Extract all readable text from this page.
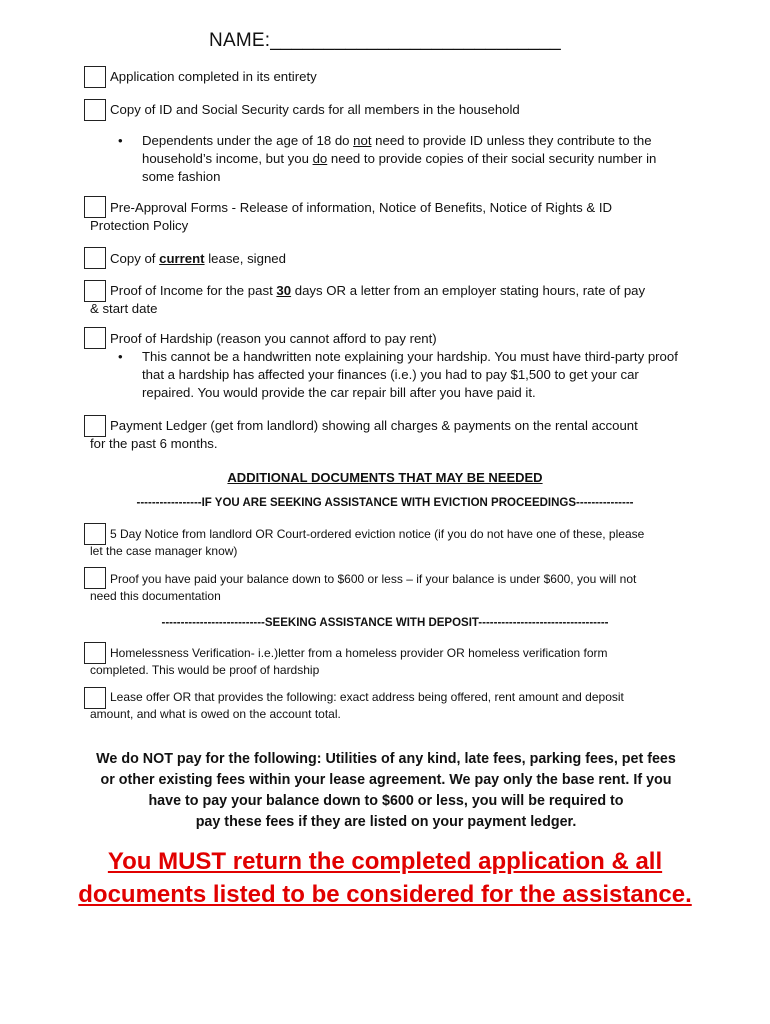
NAME:___________________________
Application completed in its entirety
Copy of ID and Social Security cards for all members in the household
• Dependents under the age of 18 do not need to provide ID unless they contribute to the household’s income, but you do need to provide copies of their social security number in some fashion
Pre-Approval Forms - Release of information, Notice of Benefits, Notice of Rights & ID
Protection Policy
Copy of current lease, signed
Proof of Income for the past 30 days OR a letter from an employer stating hours, rate of pay
& start date
Proof of Hardship (reason you cannot afford to pay rent)
• This cannot be a handwritten note explaining your hardship. You must have third-party proof that a hardship has affected your finances (i.e.) you had to pay $1,500 to get your car repaired. You would provide the car repair bill after you have paid it.
Payment Ledger (get from landlord) showing all charges & payments on the rental account
for the past 6 months.
ADDITIONAL DOCUMENTS THAT MAY BE NEEDED
-----------------IF YOU ARE SEEKING ASSISTANCE WITH EVICTION PROCEEDINGS---------------
5 Day Notice from landlord OR Court-ordered eviction notice (if you do not have one of these, please
let the case manager know)
Proof you have paid your balance down to $600 or less – if your balance is under $600, you will not
need this documentation
---------------------------SEEKING ASSISTANCE WITH DEPOSIT----------------------------------
Homelessness Verification- i.e.)letter from a homeless provider OR homeless verification form
completed. This would be proof of hardship
Lease offer OR that provides the following: exact address being offered, rent amount and deposit
amount, and what is owed on the account total.
We do NOT pay for the following: Utilities of any kind, late fees, parking fees, pet fees or other existing fees within your lease agreement. We pay only the base rent. If you have to pay your balance down to $600 or less, you will be required to
pay these fees if they are listed on your payment ledger.
You MUST return the completed application & all documents listed to be considered for the assistance.
